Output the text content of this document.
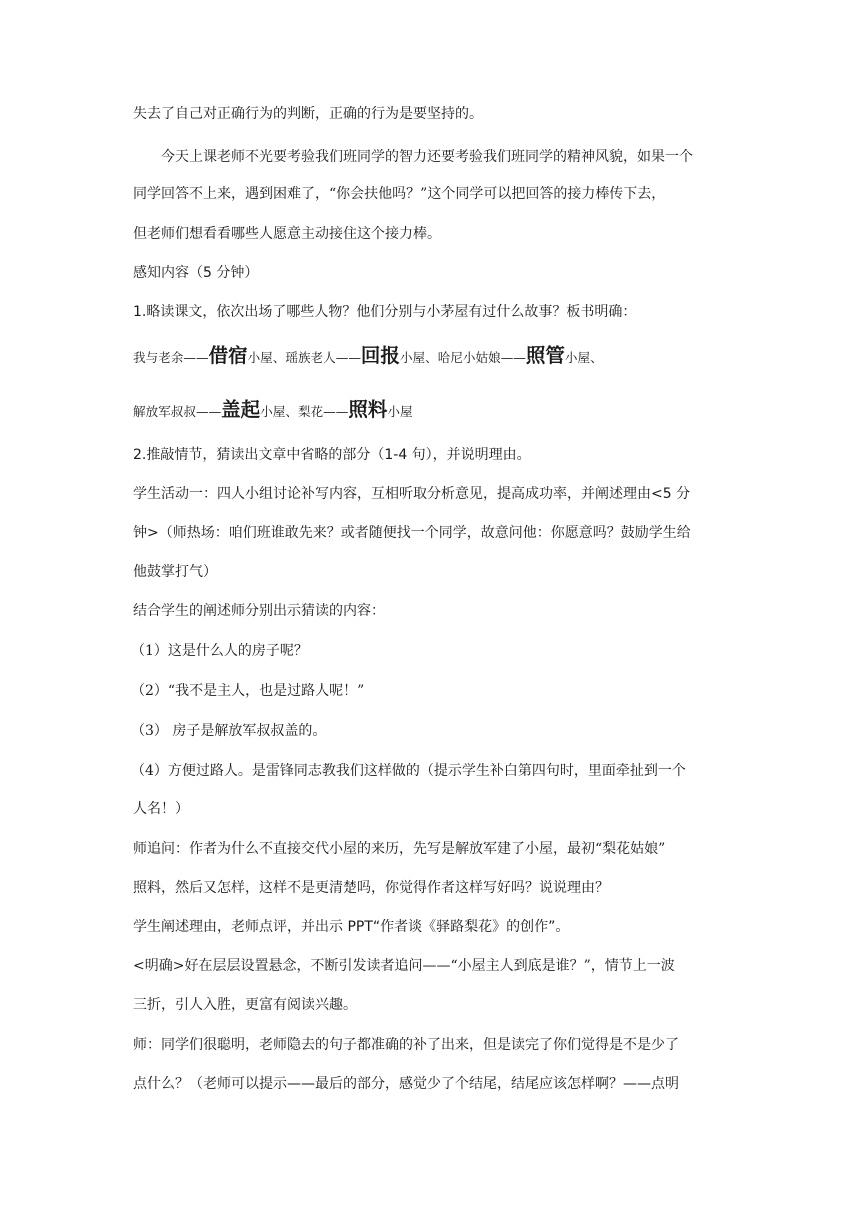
失去了自己对正确行为的判断，正确的行为是要坚持的。
今天上课老师不光要考验我们班同学的智力还要考验我们班同学的精神风貌，如果一个
同学回答不上来，遇到困难了，“你会扶他吗？”这个同学可以把回答的接力棒传下去，
但老师们想看看哪些人愿意主动接住这个接力棒。
感知内容（5 分钟）
1.略读课文，依次出场了哪些人物？他们分别与小茅屋有过什么故事？板书明确：
我与老余——借宿小屋、瑶族老人——回报小屋、哈尼小姑娘——照管小屋、
解放军叔叔——盖起小屋、梨花——照料小屋
2.推敲情节，猜读出文章中省略的部分（1-4 句），并说明理由。
学生活动一：四人小组讨论补写内容，互相听取分析意见，提高成功率，并阐述理由<5 分
钟>（师热场：咱们班谁敢先来？或者随便找一个同学，故意问他：你愿意吗？鼓励学生给
他鼓掌打气）
结合学生的阐述师分别出示猜读的内容：
（1）这是什么人的房子呢？
（2）“我不是主人，也是过路人呢！”
（3） 房子是解放军叔叔盖的。
（4）方便过路人。是雷锋同志教我们这样做的（提示学生补白第四句时，里面牵扯到一个
人名！）
师追问：作者为什么不直接交代小屋的来历，先写是解放军建了小屋，最初“梨花姑娘”
照料，然后又怎样，这样不是更清楚吗，你觉得作者这样写好吗？说说理由？
学生阐述理由，老师点评，并出示 PPT“作者谈《驿路梨花》的创作”。
<明确>好在层层设置悬念，不断引发读者追问——“小屋主人到底是谁？”，情节上一波
三折，引人入胜，更富有阅读兴趣。
师：同学们很聪明，老师隐去的句子都准确的补了出来，但是读完了你们觉得是不是少了
点什么？（老师可以提示——最后的部分，感觉少了个结尾，结尾应该怎样啊？——点明
